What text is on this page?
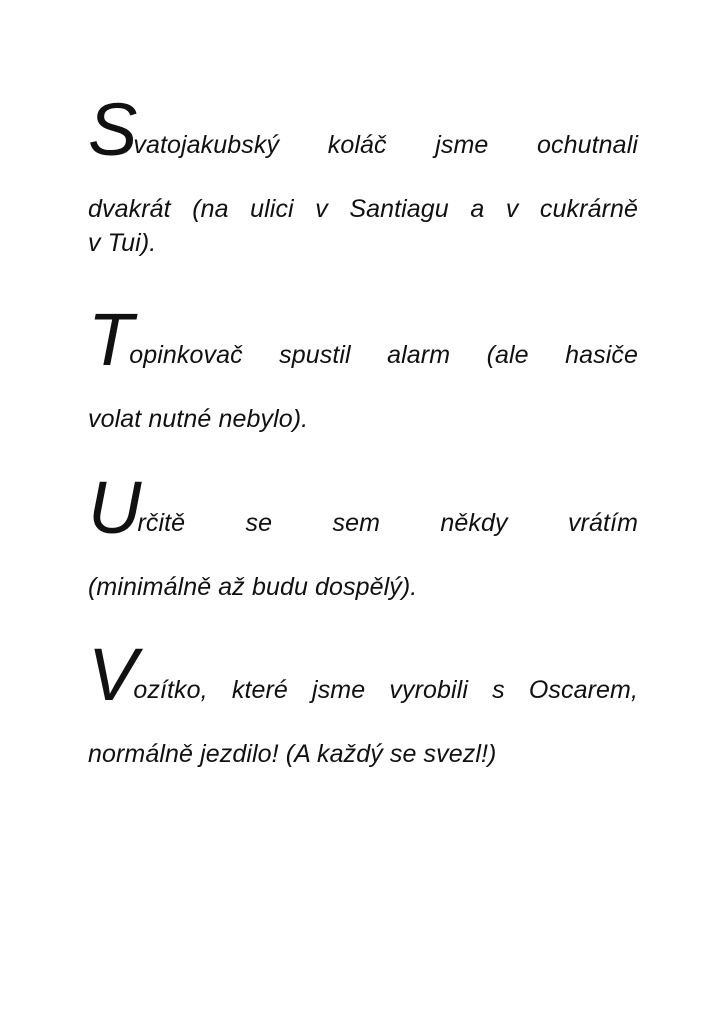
Svatojakubský koláč jsme ochutnali
dvakrát (na ulici v Santiagu a v cukrárně
v Tui).
Topinkovač spustil alarm (ale hasiče
volat nutné nebylo).
Určitě se sem někdy vrátím
(minimálně až budu dospělý).
Vozítko, které jsme vyrobili s Oscarem,
normálně jezdilo! (A každý se svezl!)
